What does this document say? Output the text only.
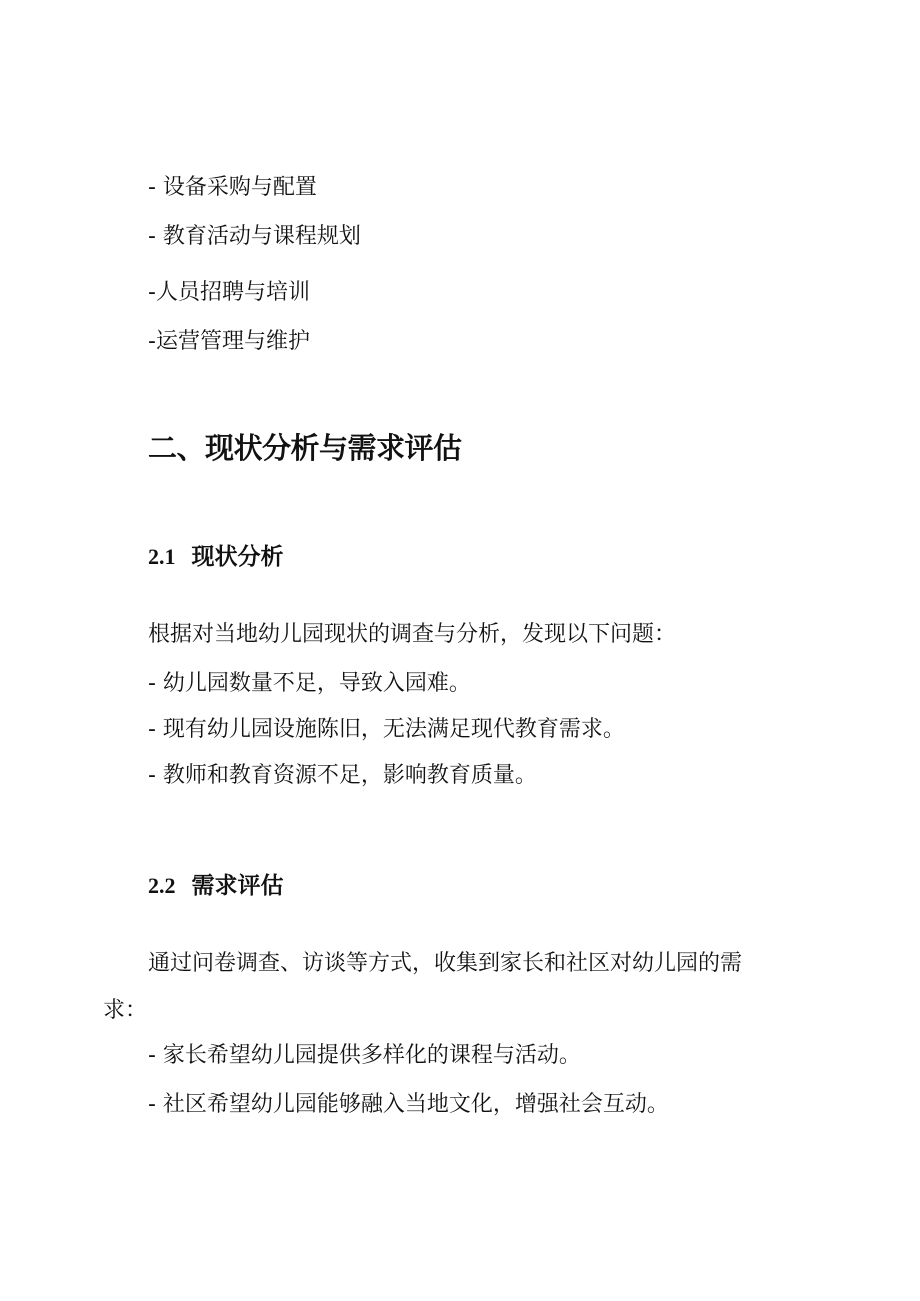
- 设备采购与配置
- 教育活动与课程规划
-人员招聘与培训
-运营管理与维护
二、现状分析与需求评估
2.1 现状分析
根据对当地幼儿园现状的调查与分析，发现以下问题：
- 幼儿园数量不足，导致入园难。
- 现有幼儿园设施陈旧，无法满足现代教育需求。
- 教师和教育资源不足，影响教育质量。
2.2 需求评估
通过问卷调查、访谈等方式，收集到家长和社区对幼儿园的需
求：
- 家长希望幼儿园提供多样化的课程与活动。
- 社区希望幼儿园能够融入当地文化，增强社会互动。
